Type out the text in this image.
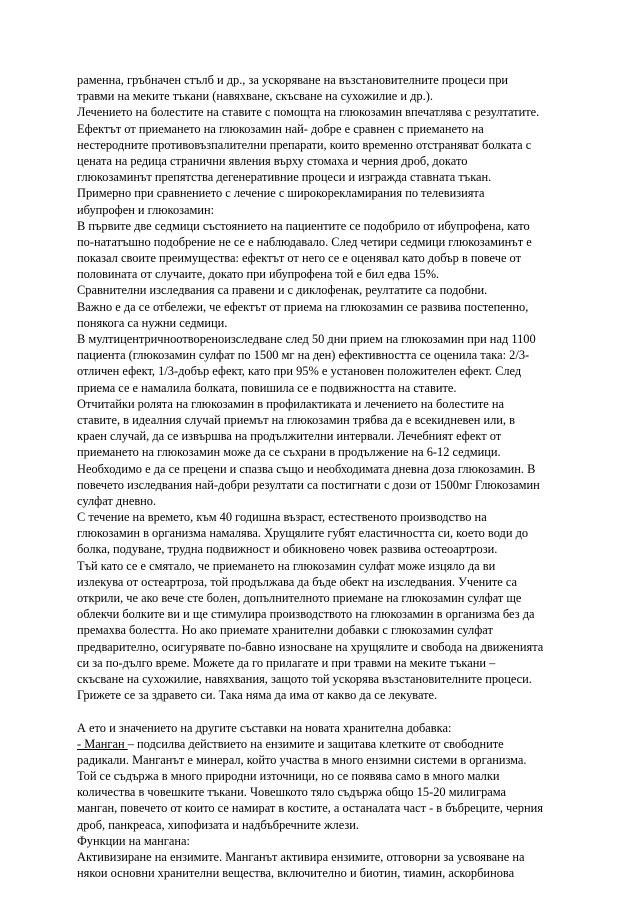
раменна, гръбначен стълб и др., за ускоряване на възстановителните процеси при
травми на меките тъкани (навяхване, скъсване на сухожилие и др.).
Лечението на болестите на ставите с помощта на глюкозамин впечатлява с резултатите.
Ефектът от приемането на глюкозамин най- добре е сравнен с приемането на
нестеродните противовъзпалителни препарати, които временно отстраняват болката с
цената на редица странични явления върху стомаха и черния дроб, докато
глюкозаминът препятства дегенеративние процеси и изгражда ставната тъкан.
Примерно при сравнението с лечение с широкорекламирания по телевизията
ибупрофен и глюкозамин:
В първите две седмици състоянието на пациентите се подобрило от ибупрофена, като
по-нататъшно подобрение не се е наблюдавало. След четири седмици глюкозаминът е
показал своите преимущества: ефектът от него се е оценявал като добър в повече от
половината от случаите, докато при ибупрофена той е бил едва 15%.
Сравнителни изследвания са правени и с диклофенак, реултатите са подобни.
Важно е да се отбележи, че ефектът от приема на глюкозамин се развива постепенно,
понякога са нужни седмици.
В мултицентричноотвореноизследване след 50 дни прием на глюкозамин при над 1100
пациента (глюкозамин сулфат по 1500 мг на ден) ефективността се оценила така: 2/3-
отличен ефект, 1/3-добър ефект, като при 95% е установен положителен ефект. След
приема се е намалила болката, повишила се е подвижността на ставите.
Отчитайки ролята на глюкозамин в профилактиката и лечението на болестите на
ставите, в идеалния случай приемът на глюкозамин трябва да е всекидневен или, в
краен случай, да се извършва на продължителни интервали. Лечебният ефект от
приемането на глюкозамин може да се съхрани в продължение на 6-12 седмици.
Необходимо е да се прецени и спазва също и необходимата дневна доза глюкозамин. В
повечето изследвания най-добри резултати са постигнати с дози от 1500мг Глюкозамин
сулфат дневно.
С течение на времето, към 40 годишна възраст, естественото производство на
глюкозамин в организма намалява. Хрущялите губят еластичността си, което води до
болка, подуване, трудна подвижност и обикновено човек развива остеоартрози.
Тъй като се е смятало, че приемането на глюкозамин сулфат може изцяло да ви
излекува от остеартроза, той продължава да бъде обект на изследвания. Учените са
открили, че ако вече сте болен, допълнителното приемане на глюкозамин сулфат ще
облекчи болките ви и ще стимулира производството на глюкозамин в организма без да
премахва болестта. Но ако приемате хранителни добавки с глюкозамин сулфат
предварително, осигурявате по-бавно износване на хрущялите и свобода на движенията
си за по-дълго време. Можете да го прилагате и при травми на меките тъкани –
скъсване на сухожилие, навяхвания, защото той ускорява възстановителните процеси.
Грижете се за здравето си. Така няма да има от какво да се лекувате.
А ето и значението на другите съставки на новата хранителна добавка:
- Манган – подсилва действието на ензимите и защитава клетките от свободните
радикали. Манганът е минерал, който участва в много ензимни системи в организма.
Той се съдържа в много природни източници, но се появява само в много малки
количества в човешките тъкани. Човешкото тяло съдържа общо 15-20 милиграма
манган, повечето от които се намират в костите, а останалата част - в бъбреците, черния
дроб, панкреаса, хипофизата и надбъбречните жлези.
Функции на мангана:
Активизиране на ензимите. Манганът активира ензимите, отговорни за усвояване на
някои основни хранителни вещества, включително и биотин, тиамин, аскорбинова
